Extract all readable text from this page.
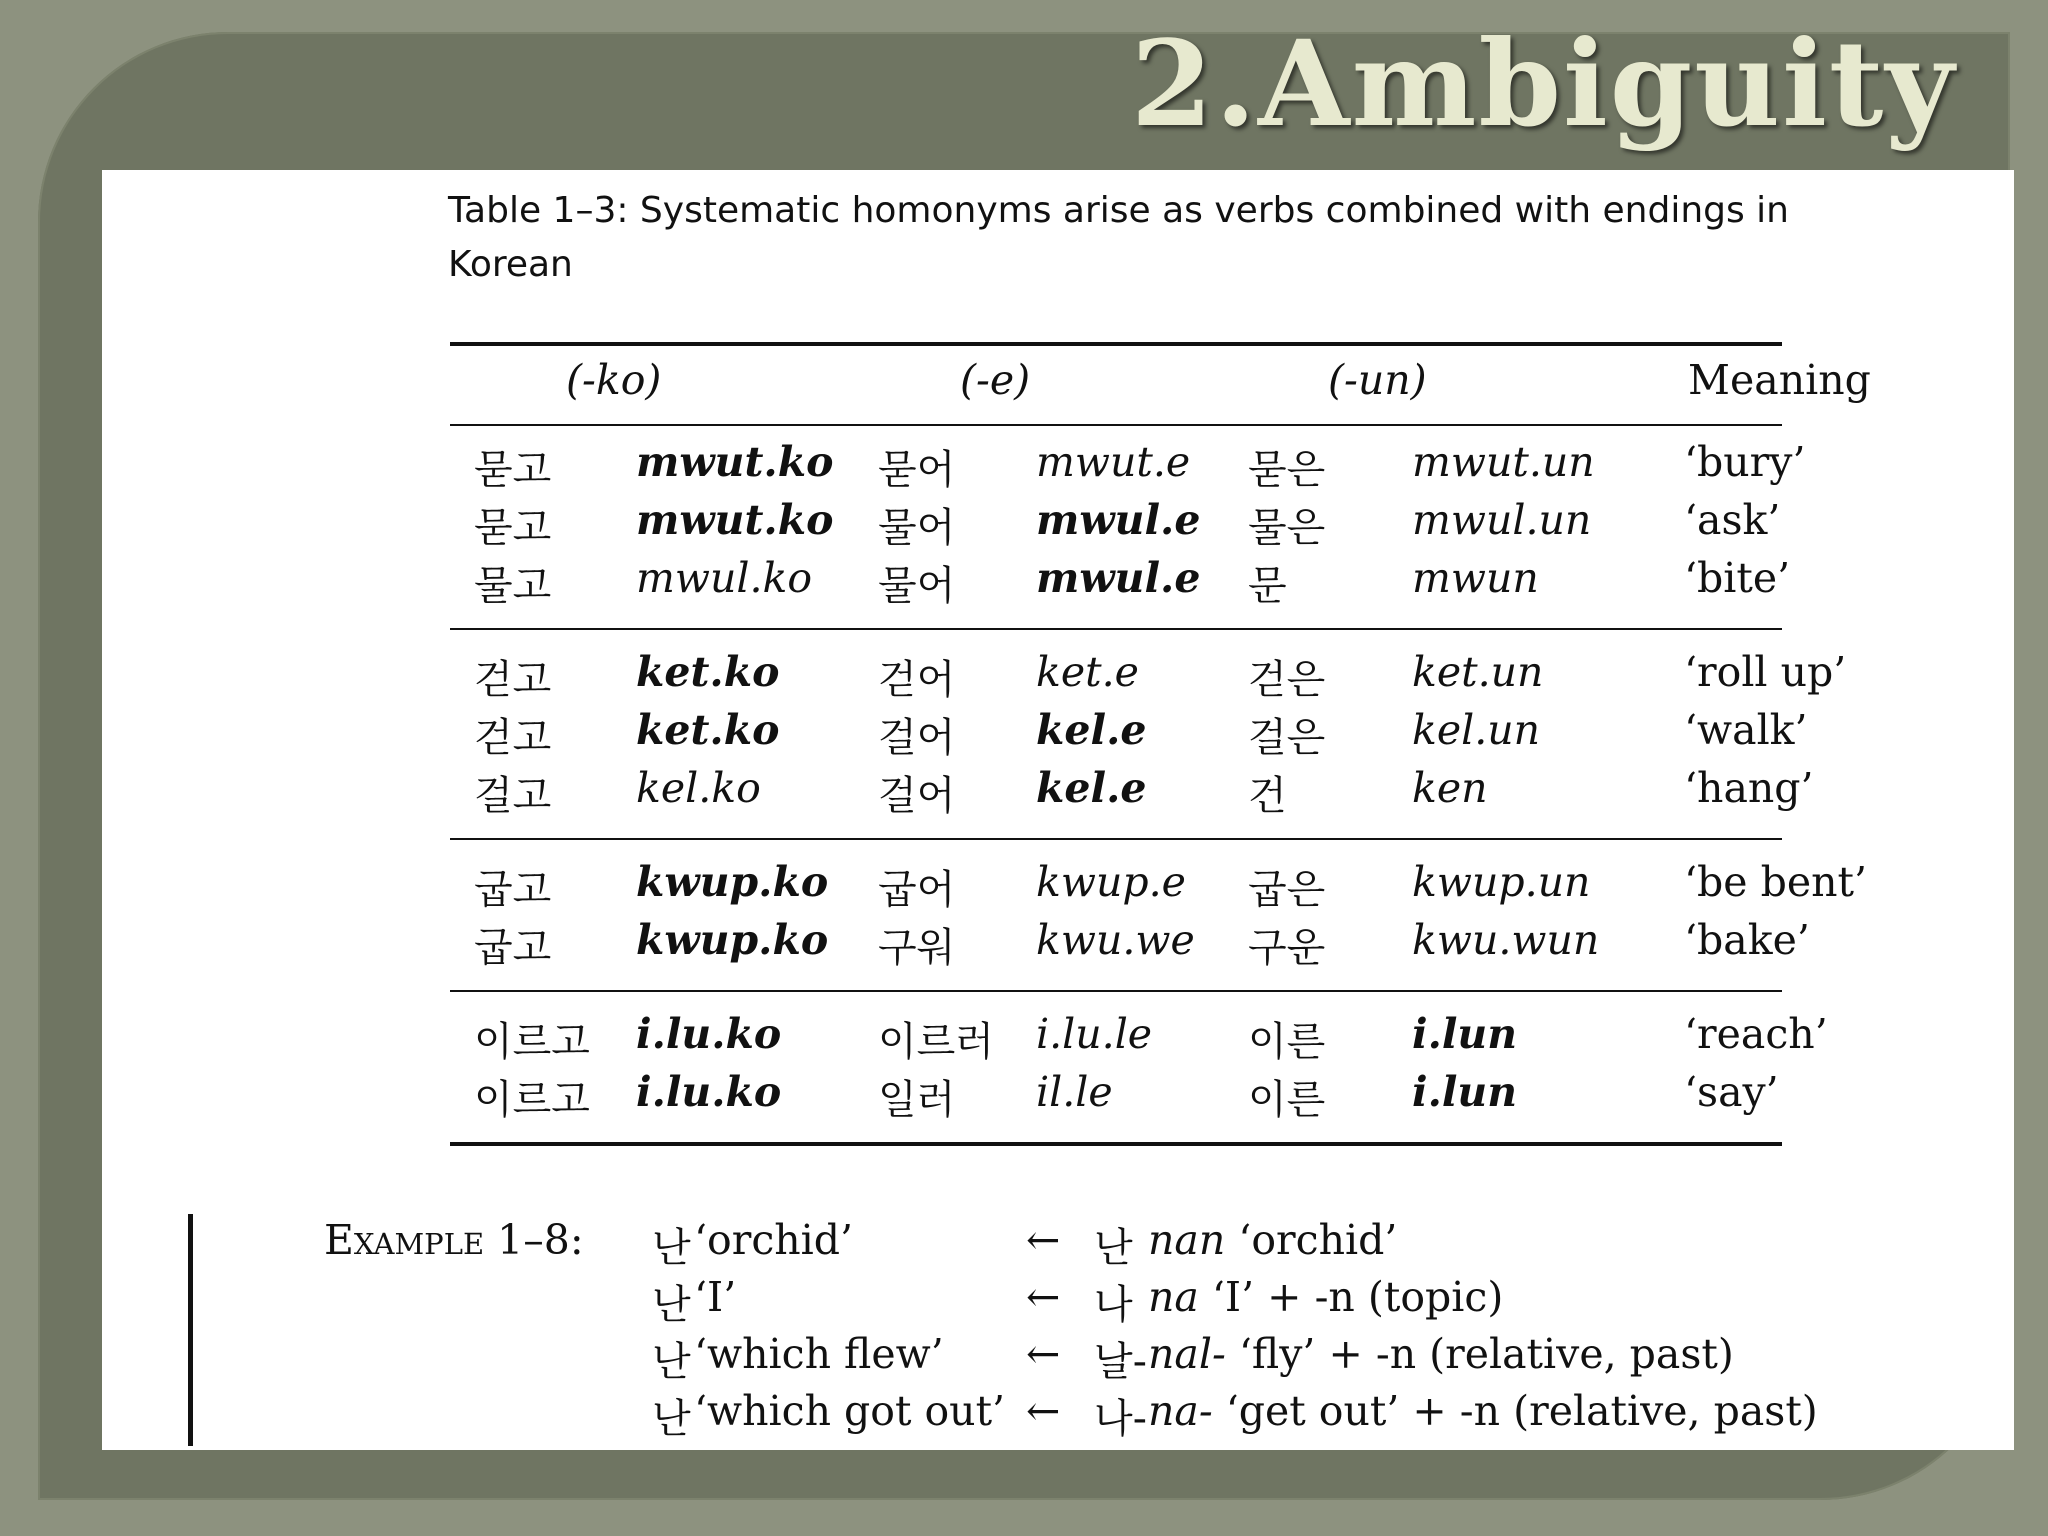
2.Ambiguity

Table 1–3: Systematic homonyms arise as verbs combined with endings in Korean

(-ko)	(-e)	(-un)	Meaning
묻고 mwut.ko 묻어 mwut.e 묻은 mwut.un ‘bury’
묻고 mwut.ko 물어 mwul.e 물은 mwul.un ‘ask’
물고 mwul.ko 물어 mwul.e 문	mwun	‘bite’
걷고 ket.ko 걷어 ket.e	걷은 ket.un	‘roll up’
걷고 ket.ko 걸어 kel.e	걸은 kel.un	‘walk’
걸고 kel.ko	걸어 kel.e	건	ken	‘hang’
굽고 kwup.ko 굽어 kwup.e 굽은 kwup.un ‘be bent’
굽고 kwup.ko 구워 kwu.we 구운 kwu.wun ‘bake’
이르고 i.lu.ko 이르러 i.lu.le 이른 i.lun	‘reach’
이르고 i.lu.ko 일러 il.le	이른 i.lun	‘say’
Example 1–8: 난 ‘orchid’	← 난 nan ‘orchid’
난 ‘I’	← 나 na ‘I’ + -n (topic)
난 ‘which flew’ ← 날- nal- ‘fly’ + -n (relative, past)
난 ‘which got out’ ← 나- na- ‘get out’ + -n (relative, past)
